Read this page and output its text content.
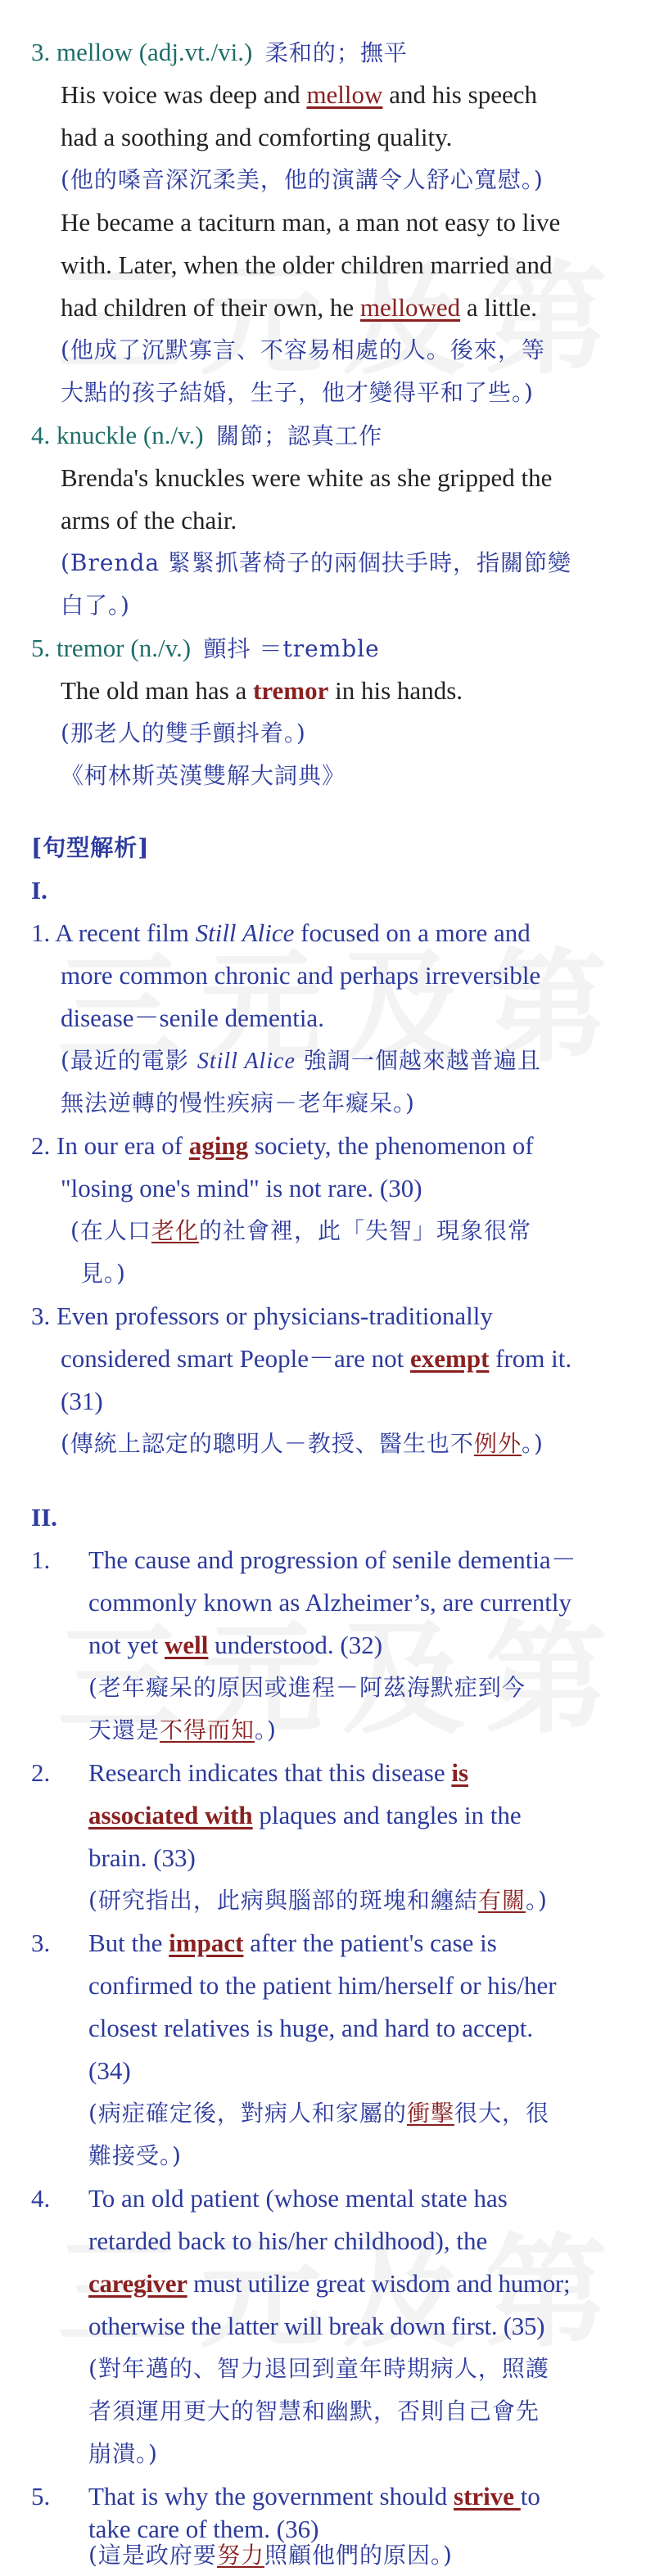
3. mellow (adj.vt./vi.) 柔和的；撫平
His voice was deep and mellow and his speech
had a soothing and comforting quality.
(他的嗓音深沉柔美，他的演講令人舒心寬慰。)
He became a taciturn man, a man not easy to live
with. Later, when the older children married and
had children of their own, he mellowed a little.
(他成了沉默寡言、不容易相處的人。後來，等
大點的孩子結婚，生子，他才變得平和了些。)
4. knuckle (n./v.) 關節；認真工作
Brenda's knuckles were white as she gripped the
arms of the chair.
(Brenda 緊緊抓著椅子的兩個扶手時，指關節變
白了。)
5. tremor (n./v.) 顫抖 ＝tremble
The old man has a tremor in his hands.
(那老人的雙手顫抖着。)
《柯林斯英漢雙解大詞典》
[句型解析]
I.
1. A recent film Still Alice focused on a more and
more common chronic and perhaps irreversible
disease－senile dementia.
(最近的電影 Still Alice 強調一個越來越普遍且
無法逆轉的慢性疾病－老年癡呆。)
2. In our era of aging society, the phenomenon of
"losing one's mind" is not rare. (30)
(在人口老化的社會裡，此「失智」現象很常
見。)
3. Even professors or physicians-traditionally
considered smart People－are not exempt from it.
(31)
(傳統上認定的聰明人－教授、醫生也不例外。)
II.
1. The cause and progression of senile dementia－
commonly known as Alzheimer’s, are currently
not yet well understood. (32)
(老年癡呆的原因或進程－阿茲海默症到今
天還是不得而知。)
2. Research indicates that this disease is
associated with plaques and tangles in the
brain. (33)
(研究指出，此病與腦部的斑塊和纏結有關。)
3. But the impact after the patient's case is
confirmed to the patient him/herself or his/her
closest relatives is huge, and hard to accept.
(34)
(病症確定後，對病人和家屬的衝擊很大，很
難接受。)
4. To an old patient (whose mental state has
retarded back to his/her childhood), the
caregiver must utilize great wisdom and humor;
otherwise the latter will break down first. (35)
(對年邁的、智力退回到童年時期病人，照護
者須運用更大的智慧和幽默，否則自己會先
崩潰。)
5. That is why the government should strive to
take care of them. (36)
(這是政府要努力照顧他們的原因。)
